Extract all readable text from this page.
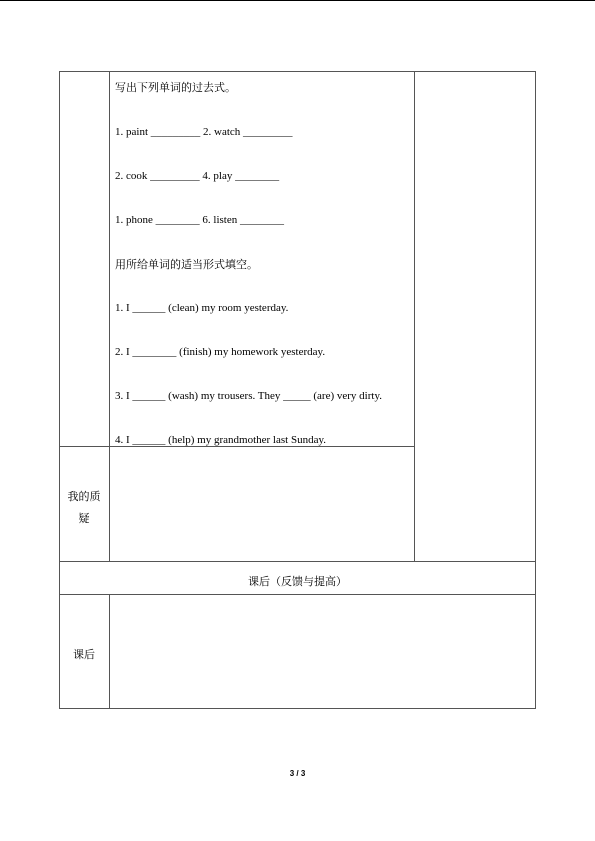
写出下列单词的过去式。
1. paint _________ 2. watch _________
2. cook _________ 4. play ________
1. phone ________ 6. listen ________
用所给单词的适当形式填空。
1. I ______ (clean) my room yesterday.
2. I ________ (finish) my homework yesterday.
3. I ______ (wash) my trousers. They _____ (are) very dirty.
4. I ______ (help) my grandmother last Sunday.
我的质
疑
课后（反馈与提高）
课后
3 / 3
